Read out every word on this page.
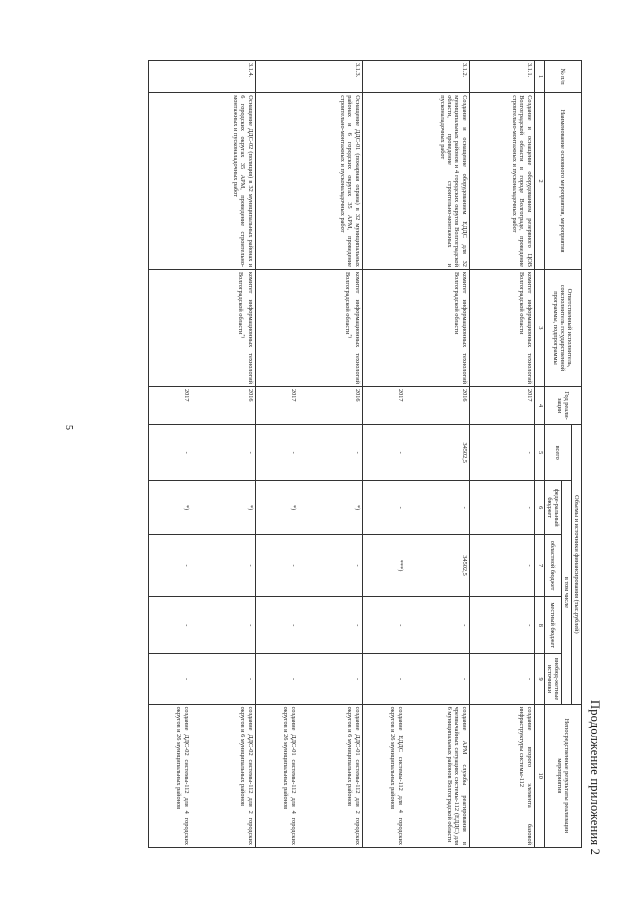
5
Продолжение приложения 2
№ п/п	Наименование основного мероприятия, мероприятия	Ответственный исполнитель, соисполнитель государственной программы, подпрограммы	Год реали-зации	Объемы и источники финансирования (тыс.рублей)					Непосредственные результаты реализации мероприятия
				всего	в том числе				
					феде-ральный бюджет	областной бюджет	местный бюджет	внебюд-жетные источники	
1	2	3	4	5	6	7	8	9	10
3.1.1.	Создание и оснащение оборудованием резервного ЦОВ Волгоградской области в городе Волгограде, проведение строительно-монтажных и пусконаладочных работ	комитет информационных технологий Волгоградской области	2017	-	-	-	-	-	создание второго элемента базовой инфраструктуры системы-112
3.1.2.	Создание и оснащение оборудованием ЕДДС для 32 муниципальных районов и 4 городских округов Волгоградской области, проведение строительно-монтажных и пусконаладочных работ	комитет информационных технологий Волгоградской области	2016	34502,5	-	34502,5	-	-	создание АРМ службы реагирования в чрезвычайных ситуациях системы-112 (ЕДДС) для 6 муниципальных районов Волгоградской области
			2017	-	-	***)	-	-	создание ЕДДС системы-112 для 4 городских округов и 26 муниципальных районов
3.1.3.	Оснащение ДДС-01 (пожарная охрана) в 32 муниципальных районах и 6 городских округах 35 АРМ, проведение строительно-монтажных и пусконаладочных работ	комитет информационных технологий Волгоградской области*)	2016	-	*)	-	-	-	создание ДДС-01 системы-112 для 2 городских округов и 6 муниципальных районов
			2017	-	*)	-	-	-	создание ДДС-01 системы-112 для 4 городских округов и 26 муниципальных районов
3.1.4.	Оснащение ДДС-02 (полиция) в 32 муниципальных районах и 6 городских округах 35 АРМ, проведение строительно-монтажных и пусконаладочных работ	комитет информационных технологий Волгоградской области*)	2016	-	*)	-	-	-	создание ДДС-02 системы-112 для 2 городских округов и 6 муниципальных районов
			2017	-	*)	-	-	-	создание ДДС-02 системы-112 для 4 городских округов и 26 муниципальных районов
